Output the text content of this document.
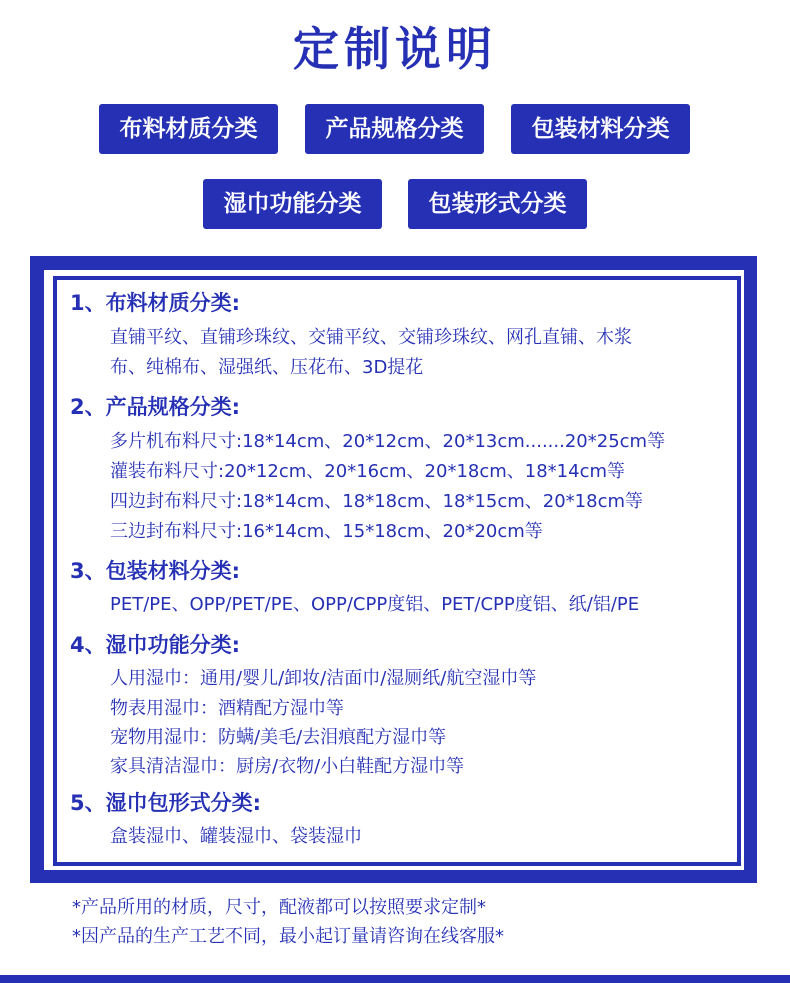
定制说明
布料材质分类	产品规格分类	包装材料分类
湿巾功能分类	包装形式分类
1、布料材质分类:
直铺平纹、直铺珍珠纹、交铺平纹、交铺珍珠纹、网孔直铺、木浆
布、纯棉布、湿强纸、压花布、3D提花
2、产品规格分类:
多片机布料尺寸:18*14cm、20*12cm、20*13cm.......20*25cm等
灌装布料尺寸:20*12cm、20*16cm、20*18cm、18*14cm等
四边封布料尺寸:18*14cm、18*18cm、18*15cm、20*18cm等
三边封布料尺寸:16*14cm、15*18cm、20*20cm等
3、包装材料分类:
PET/PE、OPP/PET/PE、OPP/CPP度铝、PET/CPP度铝、纸/铝/PE
4、湿巾功能分类:
人用湿巾：通用/婴儿/卸妆/洁面巾/湿厕纸/航空湿巾等
物表用湿巾：酒精配方湿巾等
宠物用湿巾：防螨/美毛/去泪痕配方湿巾等
家具清洁湿巾：厨房/衣物/小白鞋配方湿巾等
5、湿巾包形式分类:
盒装湿巾、罐装湿巾、袋装湿巾
*产品所用的材质，尺寸，配液都可以按照要求定制*
*因产品的生产工艺不同，最小起订量请咨询在线客服*
